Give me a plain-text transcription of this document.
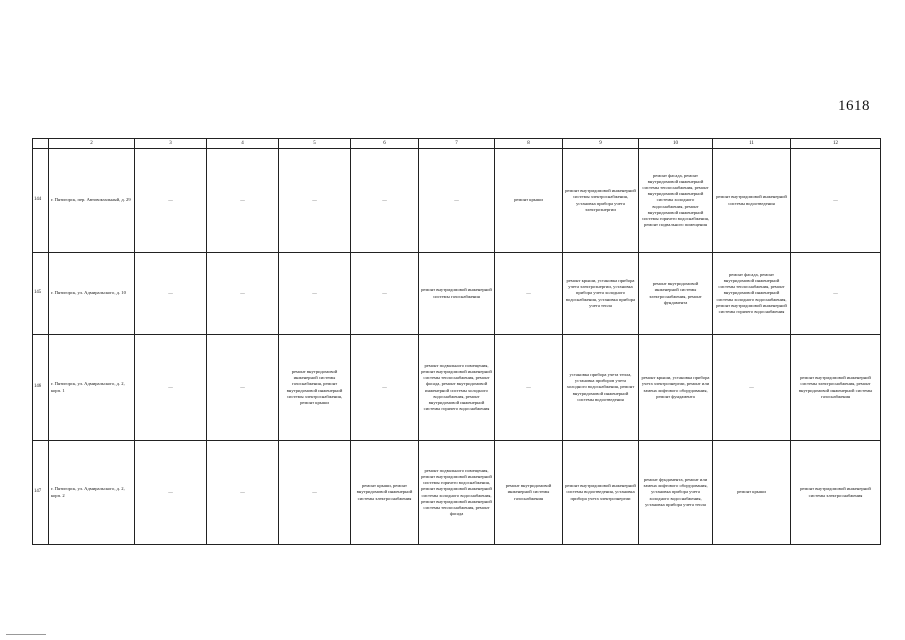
1618
	2	3	4	5	6	7	8	9	10	11	12
144	г. Пятигорск, пер. Автовокзальный, д. 29	—	—	—	—	—	ремонт крыши	ремонт внутридомовой инженерной системы электроснабжения, установка прибора учета электроэнергии	ремонт фасада, ремонт внутридомовой инженерной системы теплоснабжения, ремонт внутридомовой инженерной системы холодного водоснабжения, ремонт внутридомовой инженерной системы горячего водоснабжения, ремонт подвального помещения	ремонт внутридомовой инженерной системы водоотведения	—
145	г. Пятигорск, ул. Адмиральского, д. 10	—	—	—	—	ремонт внутридомовой инженерной системы газоснабжения	—	ремонт крыши, установка прибора учета электроэнергии, установка прибора учета холодного водоснабжения, установка прибора учета тепла	ремонт внутридомовой инженерной системы электроснабжения, ремонт фундамента	ремонт фасада, ремонт внутридомовой инженерной системы теплоснабжения, ремонт внутридомовой инженерной системы холодного водоснабжения, ремонт внутридомовой инженерной системы горячего водоснабжения	—
146	г. Пятигорск, ул. Адмиральского, д. 2, корп. 1	—	—	ремонт внутридомовой инженерной системы газоснабжения, ремонт внутридомовой инженерной системы электроснабжения, ремонт крыши	—	ремонт подвального помещения, ремонт внутридомовой инженерной системы теплоснабжения, ремонт фасада, ремонт внутридомовой инженерной системы холодного водоснабжения, ремонт внутридомовой инженерной системы горячего водоснабжения	—	установка прибора учета тепла, установка приборов учета холодного водоснабжения, ремонт внутридомовой инженерной системы водоотведения	ремонт крыши, установка прибора учета электроэнергии, ремонт или замена лифтового оборудования, ремонт фундамента	—	ремонт внутридомовой инженерной системы электроснабжения, ремонт внутридомовой инженерной системы газоснабжения
147	г. Пятигорск, ул. Адмиральского, д. 2, корп. 2	—	—	—	ремонт крыши, ремонт внутридомовой инженерной системы электроснабжения	ремонт подвального помещения, ремонт внутридомовой инженерной системы горячего водоснабжения, ремонт внутридомовой инженерной системы холодного водоснабжения, ремонт внутридомовой инженерной системы теплоснабжения, ремонт фасада	ремонт внутридомовой инженерной системы газоснабжения	ремонт внутридомовой инженерной системы водоотведения, установка прибора учета электроэнергии	ремонт фундамента, ремонт или замена лифтового оборудования, установка прибора учета холодного водоснабжения, установка прибора учета тепла	ремонт крыши	ремонт внутридомовой инженерной системы электроснабжения
